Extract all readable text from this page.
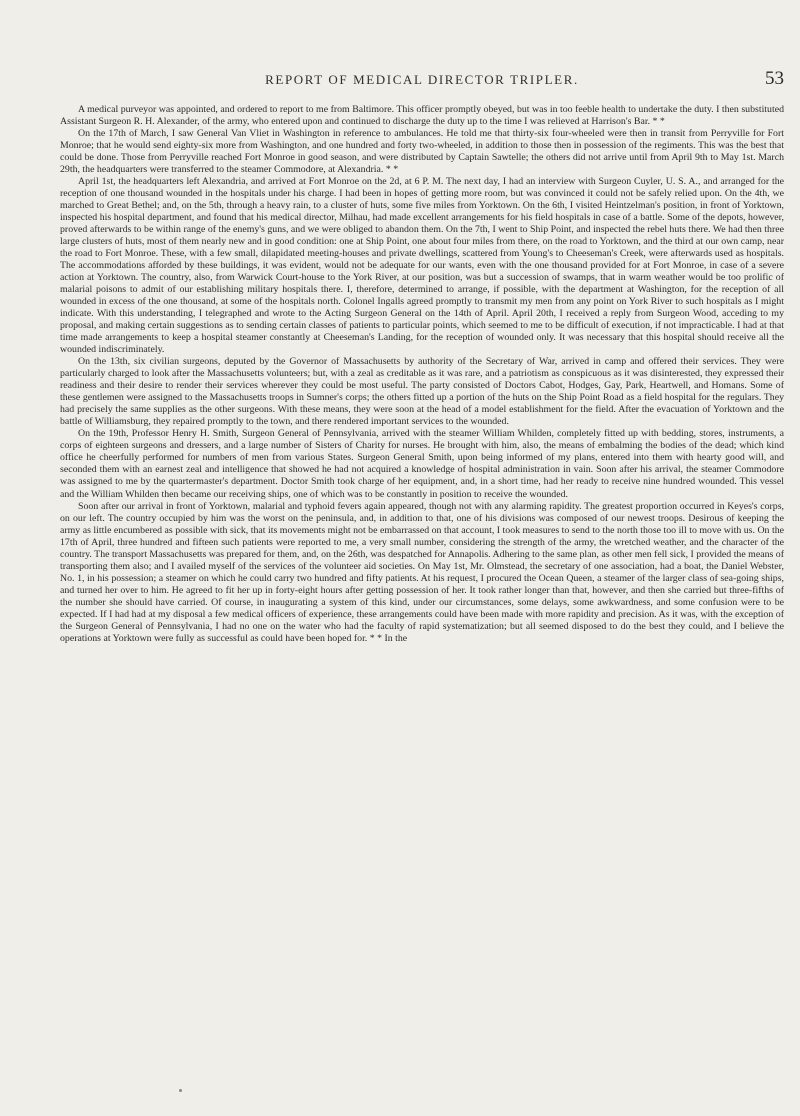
REPORT OF MEDICAL DIRECTOR TRIPLER.	53

A medical purveyor was appointed, and ordered to report to me from Baltimore. This officer promptly obeyed, but was in too feeble health to undertake the duty. I then substituted Assistant Surgeon R. H. Alexander, of the army, who entered upon and continued to discharge the duty up to the time I was relieved at Harrison's Bar. * *

On the 17th of March, I saw General Van Vliet in Washington in reference to ambulances. He told me that thirty-six four-wheeled were then in transit from Perryville for Fort Monroe; that he would send eighty-six more from Washington, and one hundred and forty two-wheeled, in addition to those then in possession of the regiments. This was the best that could be done. Those from Perryville reached Fort Monroe in good season, and were distributed by Captain Sawtelle; the others did not arrive until from April 9th to May 1st. March 29th, the headquarters were transferred to the steamer Commodore, at Alexandria. * *

April 1st, the headquarters left Alexandria, and arrived at Fort Monroe on the 2d, at 6 P. M. The next day, I had an interview with Surgeon Cuyler, U. S. A., and arranged for the reception of one thousand wounded in the hospitals under his charge. I had been in hopes of getting more room, but was convinced it could not be safely relied upon. On the 4th, we marched to Great Bethel; and, on the 5th, through a heavy rain, to a cluster of huts, some five miles from Yorktown. On the 6th, I visited Heintzelman's position, in front of Yorktown, inspected his hospital department, and found that his medical director, Milhau, had made excellent arrangements for his field hospitals in case of a battle. Some of the depots, however, proved afterwards to be within range of the enemy's guns, and we were obliged to abandon them. On the 7th, I went to Ship Point, and inspected the rebel huts there. We had then three large clusters of huts, most of them nearly new and in good condition: one at Ship Point, one about four miles from there, on the road to Yorktown, and the third at our own camp, near the road to Fort Monroe. These, with a few small, dilapidated meeting-houses and private dwellings, scattered from Young's to Cheeseman's Creek, were afterwards used as hospitals. The accommodations afforded by these buildings, it was evident, would not be adequate for our wants, even with the one thousand provided for at Fort Monroe, in case of a severe action at Yorktown. The country, also, from Warwick Court-house to the York River, at our position, was but a succession of swamps, that in warm weather would be too prolific of malarial poisons to admit of our establishing military hospitals there. I, therefore, determined to arrange, if possible, with the department at Washington, for the reception of all wounded in excess of the one thousand, at some of the hospitals north. Colonel Ingalls agreed promptly to transmit my men from any point on York River to such hospitals as I might indicate. With this understanding, I telegraphed and wrote to the Acting Surgeon General on the 14th of April. April 20th, I received a reply from Surgeon Wood, acceding to my proposal, and making certain suggestions as to sending certain classes of patients to particular points, which seemed to me to be difficult of execution, if not impracticable. I had at that time made arrangements to keep a hospital steamer constantly at Cheeseman's Landing, for the reception of wounded only. It was necessary that this hospital should receive all the wounded indiscriminately.

On the 13th, six civilian surgeons, deputed by the Governor of Massachusetts by authority of the Secretary of War, arrived in camp and offered their services. They were particularly charged to look after the Massachusetts volunteers; but, with a zeal as creditable as it was rare, and a patriotism as conspicuous as it was disinterested, they expressed their readiness and their desire to render their services wherever they could be most useful. The party consisted of Doctors Cabot, Hodges, Gay, Park, Heartwell, and Homans. Some of these gentlemen were assigned to the Massachusetts troops in Sumner's corps; the others fitted up a portion of the huts on the Ship Point Road as a field hospital for the regulars. They had precisely the same supplies as the other surgeons. With these means, they were soon at the head of a model establishment for the field. After the evacuation of Yorktown and the battle of Williamsburg, they repaired promptly to the town, and there rendered important services to the wounded.

On the 19th, Professor Henry H. Smith, Surgeon General of Pennsylvania, arrived with the steamer William Whilden, completely fitted up with bedding, stores, instruments, a corps of eighteen surgeons and dressers, and a large number of Sisters of Charity for nurses. He brought with him, also, the means of embalming the bodies of the dead; which kind office he cheerfully performed for numbers of men from various States. Surgeon General Smith, upon being informed of my plans, entered into them with hearty good will, and seconded them with an earnest zeal and intelligence that showed he had not acquired a knowledge of hospital administration in vain. Soon after his arrival, the steamer Commodore was assigned to me by the quartermaster's department. Doctor Smith took charge of her equipment, and, in a short time, had her ready to receive nine hundred wounded. This vessel and the William Whilden then became our receiving ships, one of which was to be constantly in position to receive the wounded.

Soon after our arrival in front of Yorktown, malarial and typhoid fevers again appeared, though not with any alarming rapidity. The greatest proportion occurred in Keyes's corps, on our left. The country occupied by him was the worst on the peninsula, and, in addition to that, one of his divisions was composed of our newest troops. Desirous of keeping the army as little encumbered as possible with sick, that its movements might not be embarrassed on that account, I took measures to send to the north those too ill to move with us. On the 17th of April, three hundred and fifteen such patients were reported to me, a very small number, considering the strength of the army, the wretched weather, and the character of the country. The transport Massachusetts was prepared for them, and, on the 26th, was despatched for Annapolis. Adhering to the same plan, as other men fell sick, I provided the means of transporting them also; and I availed myself of the services of the volunteer aid societies. On May 1st, Mr. Olmstead, the secretary of one association, had a boat, the Daniel Webster, No. 1, in his possession; a steamer on which he could carry two hundred and fifty patients. At his request, I procured the Ocean Queen, a steamer of the larger class of sea-going ships, and turned her over to him. He agreed to fit her up in forty-eight hours after getting possession of her. It took rather longer than that, however, and then she carried but three-fifths of the number she should have carried. Of course, in inaugurating a system of this kind, under our circumstances, some delays, some awkwardness, and some confusion were to be expected. If I had had at my disposal a few medical officers of experience, these arrangements could have been made with more rapidity and precision. As it was, with the exception of the Surgeon General of Pennsylvania, I had no one on the water who had the faculty of rapid systematization; but all seemed disposed to do the best they could, and I believe the operations at Yorktown were fully as successful as could have been hoped for. * * In the
